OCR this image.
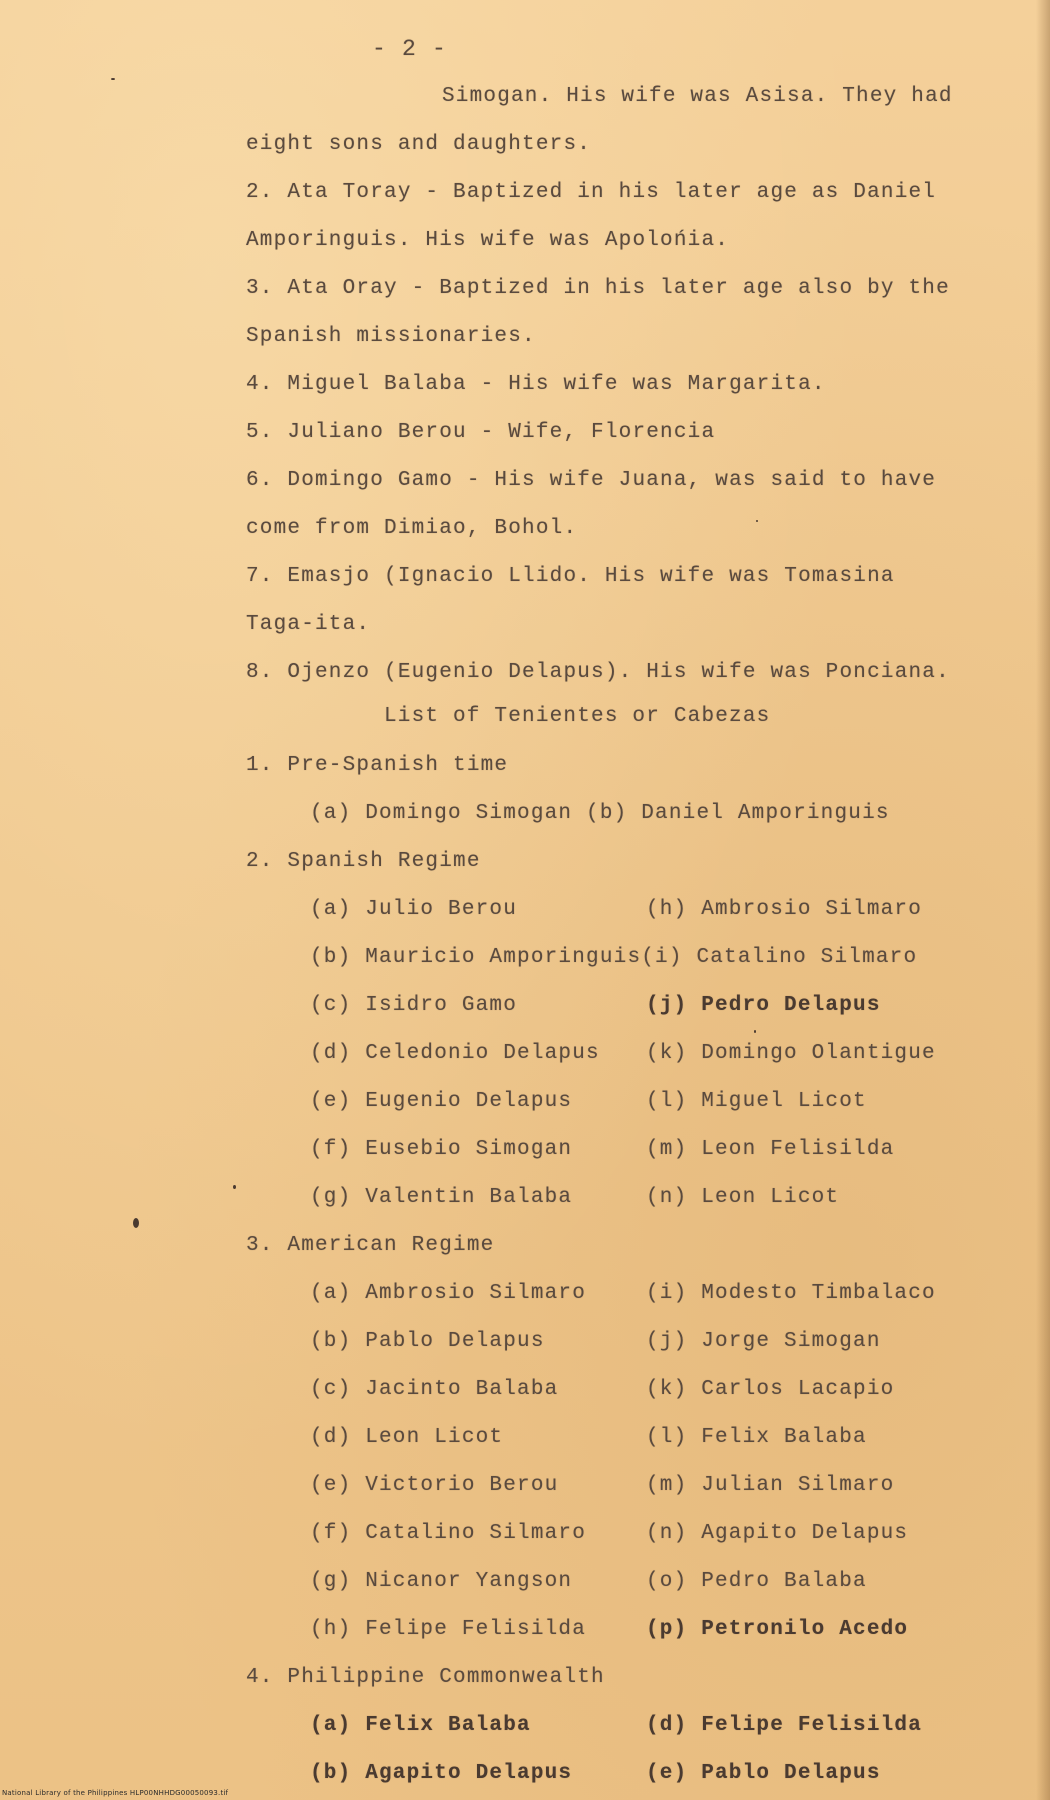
- 2 -
Simogan. His wife was Asisa. They had
eight sons and daughters.
2. Ata Toray - Baptized in his later age as Daniel
Amporinguis. His wife was Apolońia.
3. Ata Oray - Baptized in his later age also by the
Spanish missionaries.
4. Miguel Balaba - His wife was Margarita.
5. Juliano Berou - Wife, Florencia
6. Domingo Gamo - His wife Juana, was said to have
come from Dimiao, Bohol.
7. Emasjo (Ignacio Llido. His wife was Tomasina
Taga-ita.
8. Ojenzo (Eugenio Delapus). His wife was Ponciana.
List of Tenientes or Cabezas
1. Pre-Spanish time
(a) Domingo Simogan (b) Daniel Amporinguis
2. Spanish Regime
(a) Julio Berou	(h) Ambrosio Silmaro
(b) Mauricio Amporinguis(i) Catalino Silmaro
(c) Isidro Gamo	(j) Pedro Delapus
(d) Celedonio Delapus (k) Domingo Olantigue
(e) Eugenio Delapus	(l) Miguel Licot
(f) Eusebio Simogan	(m) Leon Felisilda
(g) Valentin Balaba	(n) Leon Licot
3. American Regime
(a) Ambrosio Silmaro	(i) Modesto Timbalaco
(b) Pablo Delapus	(j) Jorge Simogan
(c) Jacinto Balaba	(k) Carlos Lacapio
(d) Leon Licot	(l) Felix Balaba
(e) Victorio Berou	(m) Julian Silmaro
(f) Catalino Silmaro	(n) Agapito Delapus
(g) Nicanor Yangson	(o) Pedro Balaba
(h) Felipe Felisilda	(p) Petronilo Acedo
4. Philippine Commonwealth
(a) Felix Balaba	(d) Felipe Felisilda
(b) Agapito Delapus	(e) Pablo Delapus
National Library of the Philippines HLP00NHHDG00050093.tif
